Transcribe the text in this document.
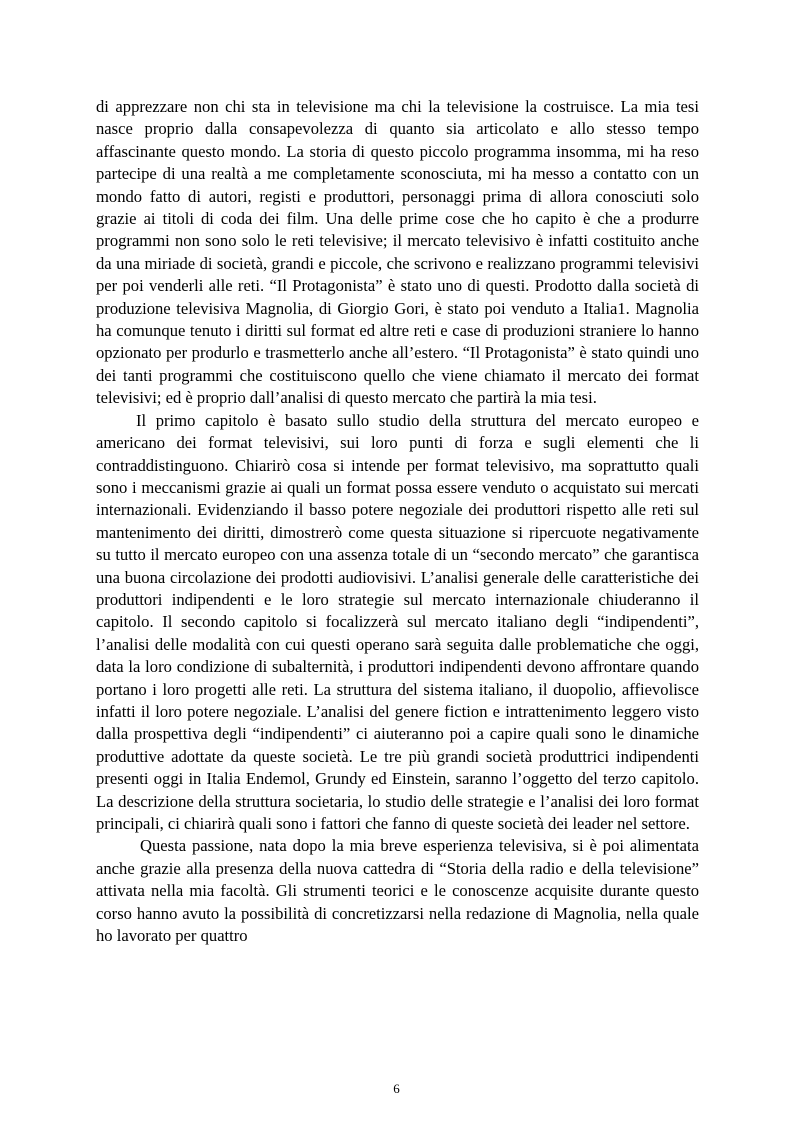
di apprezzare non chi sta in televisione ma chi la televisione la costruisce. La mia tesi nasce proprio dalla consapevolezza di quanto sia articolato e allo stesso tempo affascinante questo mondo. La storia di questo piccolo programma insomma, mi ha reso partecipe di una realtà a me completamente sconosciuta, mi ha messo a contatto con un mondo fatto di autori, registi e produttori, personaggi prima di allora conosciuti solo grazie ai titoli di coda dei film. Una delle prime cose che ho capito è che a produrre programmi non sono solo le reti televisive; il mercato televisivo è infatti costituito anche da una miriade di società, grandi e piccole, che scrivono e realizzano programmi televisivi per poi venderli alle reti. “Il Protagonista” è stato uno di questi. Prodotto dalla società di produzione televisiva Magnolia, di Giorgio Gori, è stato poi venduto a Italia1. Magnolia ha comunque tenuto i diritti sul format ed altre reti e case di produzioni straniere lo hanno opzionato per produrlo e trasmetterlo anche all’estero. “Il Protagonista” è stato quindi uno dei tanti programmi che costituiscono quello che viene chiamato il mercato dei format televisivi; ed è proprio dall’analisi di questo mercato che partirà la mia tesi.

Il primo capitolo è basato sullo studio della struttura del mercato europeo e americano dei format televisivi, sui loro punti di forza e sugli elementi che li contraddistinguono. Chiarirò cosa si intende per format televisivo, ma soprattutto quali sono i meccanismi grazie ai quali un format possa essere venduto o acquistato sui mercati internazionali. Evidenziando il basso potere negoziale dei produttori rispetto alle reti sul mantenimento dei diritti, dimostrerò come questa situazione si ripercuote negativamente su tutto il mercato europeo con una assenza totale di un “secondo mercato” che garantisca una buona circolazione dei prodotti audiovisivi. L’analisi generale delle caratteristiche dei produttori indipendenti e le loro strategie sul mercato internazionale chiuderanno il capitolo. Il secondo capitolo si focalizzerà sul mercato italiano degli “indipendenti”, l’analisi delle modalità con cui questi operano sarà seguita dalle problematiche che oggi, data la loro condizione di subalternità, i produttori indipendenti devono affrontare quando portano i loro progetti alle reti. La struttura del sistema italiano, il duopolio, affievolisce infatti il loro potere negoziale. L’analisi del genere fiction e intrattenimento leggero visto dalla prospettiva degli “indipendenti” ci aiuteranno poi a capire quali sono le dinamiche produttive adottate da queste società. Le tre più grandi società produttrici indipendenti presenti oggi in Italia Endemol, Grundy ed Einstein, saranno l’oggetto del terzo capitolo. La descrizione della struttura societaria, lo studio delle strategie e l’analisi dei loro format principali, ci chiarirà quali sono i fattori che fanno di queste società dei leader nel settore.

Questa passione, nata dopo la mia breve esperienza televisiva, si è poi alimentata anche grazie alla presenza della nuova cattedra di “Storia della radio e della televisione” attivata nella mia facoltà. Gli strumenti teorici e le conoscenze acquisite durante questo corso hanno avuto la possibilità di concretizzarsi nella redazione di Magnolia, nella quale ho lavorato per quattro

6
